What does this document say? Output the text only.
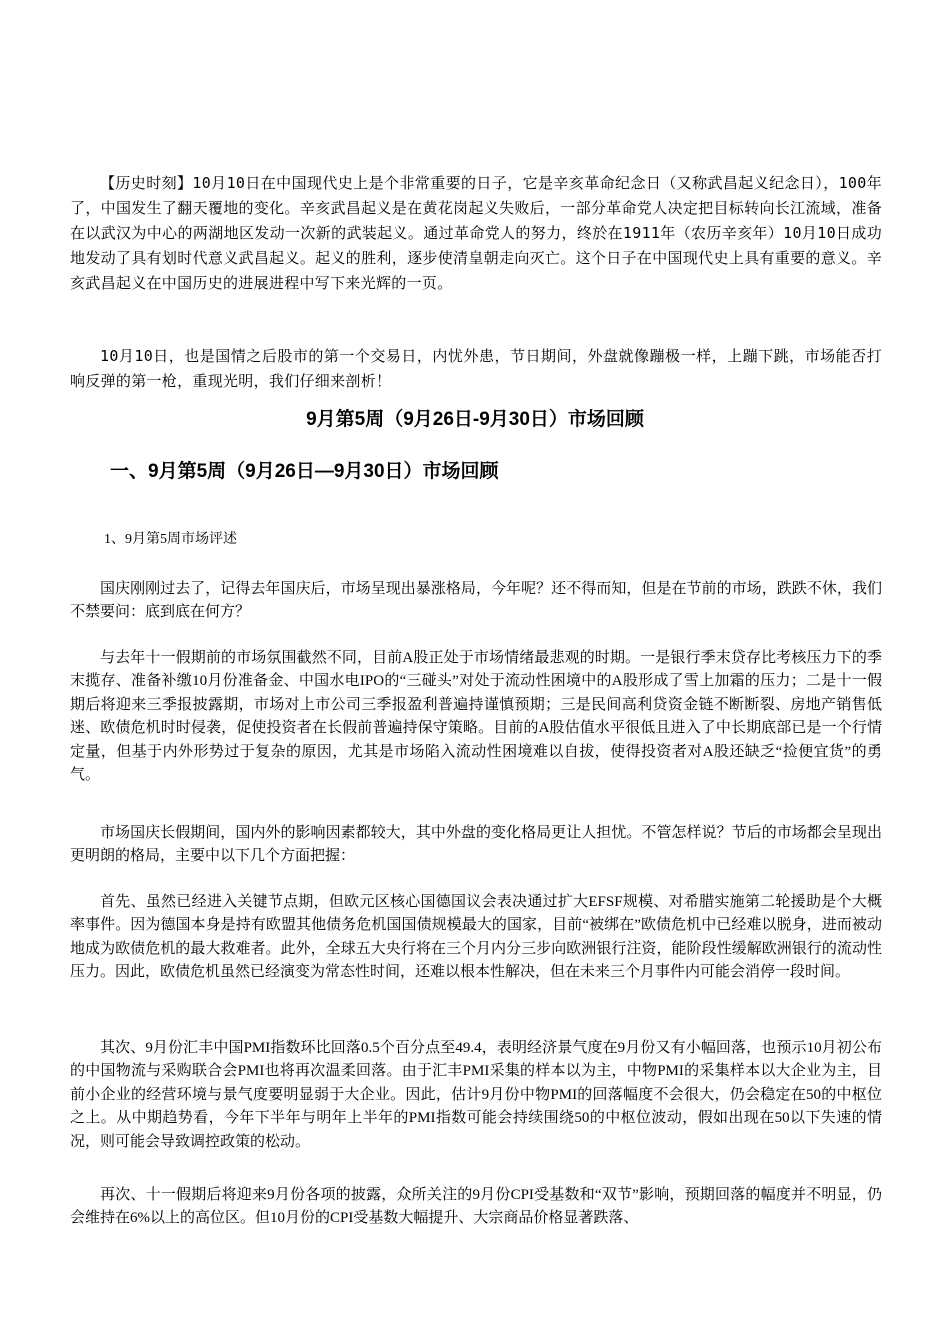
【历史时刻】10月10日在中国现代史上是个非常重要的日子，它是辛亥革命纪念日（又称武昌起义纪念日），100年了，中国发生了翻天覆地的变化。辛亥武昌起义是在黄花岗起义失败后，一部分革命党人决定把目标转向长江流域，准备在以武汉为中心的两湖地区发动一次新的武装起义。通过革命党人的努力，终於在1911年（农历辛亥年）10月10日成功地发动了具有划时代意义武昌起义。起义的胜利，逐步使清皇朝走向灭亡。这个日子在中国现代史上具有重要的意义。辛亥武昌起义在中国历史的进展进程中写下来光辉的一页。

10月10日，也是国情之后股市的第一个交易日，内忧外患，节日期间，外盘就像蹦极一样，上蹦下跳，市场能否打响反弹的第一枪，重现光明，我们仔细来剖析！

9月第5周（9月26日-9月30日）市场回顾
一、9月第5周（9月26日—9月30日）市场回顾

1、9月第5周市场评述

国庆刚刚过去了，记得去年国庆后，市场呈现出暴涨格局，今年呢？还不得而知，但是在节前的市场，跌跌不休，我们不禁要问：底到底在何方？

与去年十一假期前的市场氛围截然不同，目前A股正处于市场情绪最悲观的时期。一是银行季末贷存比考核压力下的季末揽存、准备补缴10月份准备金、中国水电IPO的“三碰头”对处于流动性困境中的A股形成了雪上加霜的压力；二是十一假期后将迎来三季报披露期，市场对上市公司三季报盈利普遍持谨慎预期；三是民间高利贷资金链不断断裂、房地产销售低迷、欧债危机时时侵袭，促使投资者在长假前普遍持保守策略。目前的A股估值水平很低且进入了中长期底部已是一个行情定量，但基于内外形势过于复杂的原因，尤其是市场陷入流动性困境难以自拔，使得投资者对A股还缺乏“捡便宜货”的勇气。

市场国庆长假期间，国内外的影响因素都较大，其中外盘的变化格局更让人担忧。不管怎样说？节后的市场都会呈现出更明朗的格局，主要中以下几个方面把握：

首先、虽然已经进入关键节点期，但欧元区核心国德国议会表决通过扩大EFSF规模、对希腊实施第二轮援助是个大概率事件。因为德国本身是持有欧盟其他债务危机国国债规模最大的国家，目前“被绑在”欧债危机中已经难以脱身，进而被动地成为欧债危机的最大救难者。此外，全球五大央行将在三个月内分三步向欧洲银行注资，能阶段性缓解欧洲银行的流动性压力。因此，欧债危机虽然已经演变为常态性时间，还难以根本性解决，但在未来三个月事件内可能会消停一段时间。

其次、9月份汇丰中国PMI指数环比回落0.5个百分点至49.4，表明经济景气度在9月份又有小幅回落，也预示10月初公布的中国物流与采购联合会PMI也将再次温柔回落。由于汇丰PMI采集的样本以为主，中物PMI的采集样本以大企业为主，目前小企业的经营环境与景气度要明显弱于大企业。因此，估计9月份中物PMI的回落幅度不会很大，仍会稳定在50的中枢位之上。从中期趋势看，今年下半年与明年上半年的PMI指数可能会持续围绕50的中枢位波动，假如出现在50以下失速的情况，则可能会导致调控政策的松动。

再次、十一假期后将迎来9月份各项的披露，众所关注的9月份CPI受基数和“双节”影响，预期回落的幅度并不明显，仍会维持在6%以上的高位区。但10月份的CPI受基数大幅提升、大宗商品价格显著跌落、
